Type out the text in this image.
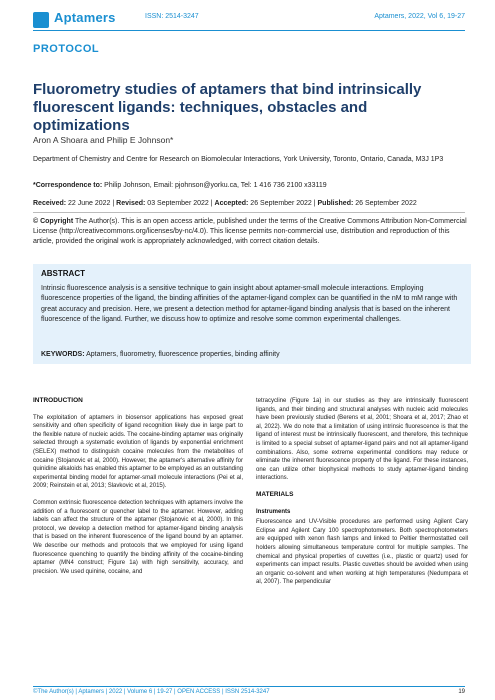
Aptamers	ISSN: 2514-3247	Aptamers, 2022, Vol 6, 19-27
PROTOCOL
Fluorometry studies of aptamers that bind intrinsically fluorescent ligands: techniques, obstacles and optimizations
Aron A Shoara and Philip E Johnson*
Department of Chemistry and Centre for Research on Biomolecular Interactions, York University, Toronto, Ontario, Canada, M3J 1P3
*Correspondence to: Philip Johnson, Email: pjohnson@yorku.ca, Tel: 1 416 736 2100 x33119
Received: 22 June 2022 | Revised: 03 September 2022 | Accepted: 26 September 2022 | Published: 26 September 2022
© Copyright The Author(s). This is an open access article, published under the terms of the Creative Commons Attribution Non-Commercial License (http://creativecommons.org/licenses/by-nc/4.0). This license permits non-commercial use, distribution and reproduction of this article, provided the original work is appropriately acknowledged, with correct citation details.
ABSTRACT
Intrinsic fluorescence analysis is a sensitive technique to gain insight about aptamer-small molecule interactions. Employing fluorescence properties of the ligand, the binding affinities of the aptamer-ligand complex can be quantified in the nM to mM range with great accuracy and precision. Here, we present a detection method for aptamer-ligand binding analysis that is based on the inherent fluorescence of the ligand. Further, we discuss how to optimize and resolve some common experimental challenges.
KEYWORDS: Aptamers, fluorometry, fluorescence properties, binding affinity
INTRODUCTION

The exploitation of aptamers in biosensor applications has exposed great sensitivity and often specificity of ligand recognition likely due in large part to the flexible nature of nucleic acids. The cocaine-binding aptamer was originally selected through a systematic evolution of ligands by exponential enrichment (SELEX) method to distinguish cocaine molecules from the metabolites of cocaine (Stojanovic et al, 2000). However, the aptamer's alternative affinity for quinidine alkaloids has enabled this aptamer to be employed as an outstanding experimental binding model for aptamer-small molecule interactions (Pei et al, 2009; Reinstein et al, 2013; Slavkovic et al, 2015).

Common extrinsic fluorescence detection techniques with aptamers involve the addition of a fluorescent or quencher label to the aptamer. However, adding labels can affect the structure of the aptamer (Stojanovic et al, 2000). In this protocol, we develop a detection method for aptamer-ligand binding analysis that is based on the inherent fluorescence of the ligand bound by an aptamer. We describe our methods and protocols that we employed for using ligand fluorescence quenching to quantify the binding affinity of the cocaine-binding aptamer (MN4 construct; Figure 1a) with high sensitivity, accuracy, and precision. We used quinine, cocaine, and

tetracycline (Figure 1a) in our studies as they are intrinsically fluorescent ligands, and their binding and structural analyses with nucleic acid molecules have been previously studied (Berens et al, 2001; Shoara et al, 2017; Zhao et al, 2022). We do note that a limitation of using intrinsic fluorescence is that the ligand of interest must be intrinsically fluorescent, and therefore, this technique is limited to a special subset of aptamer-ligand pairs and not all aptamer-ligand combinations. Also, some extreme experimental conditions may reduce or eliminate the inherent fluorescence property of the ligand. For these instances, one can utilize other biophysical methods to study aptamer-ligand binding interactions.

MATERIALS
Instruments

Fluorescence and UV-Visible procedures are performed using Agilent Cary Eclipse and Agilent Cary 100 spectrophotometers. Both spectrophotometers are equipped with xenon flash lamps and linked to Peltier thermostatted cell holders allowing simultaneous temperature control for multiple samples. The chemical and physical properties of cuvettes (i.e., plastic or quartz) used for experiments can impact results. Plastic cuvettes should be avoided when using an organic co-solvent and when working at high temperatures (Nedumpara et al, 2007). The perpendicular

©The Author(s) | Aptamers | 2022 | Volume 6 | 19-27 | OPEN ACCESS | ISSN 2514-3247	19
